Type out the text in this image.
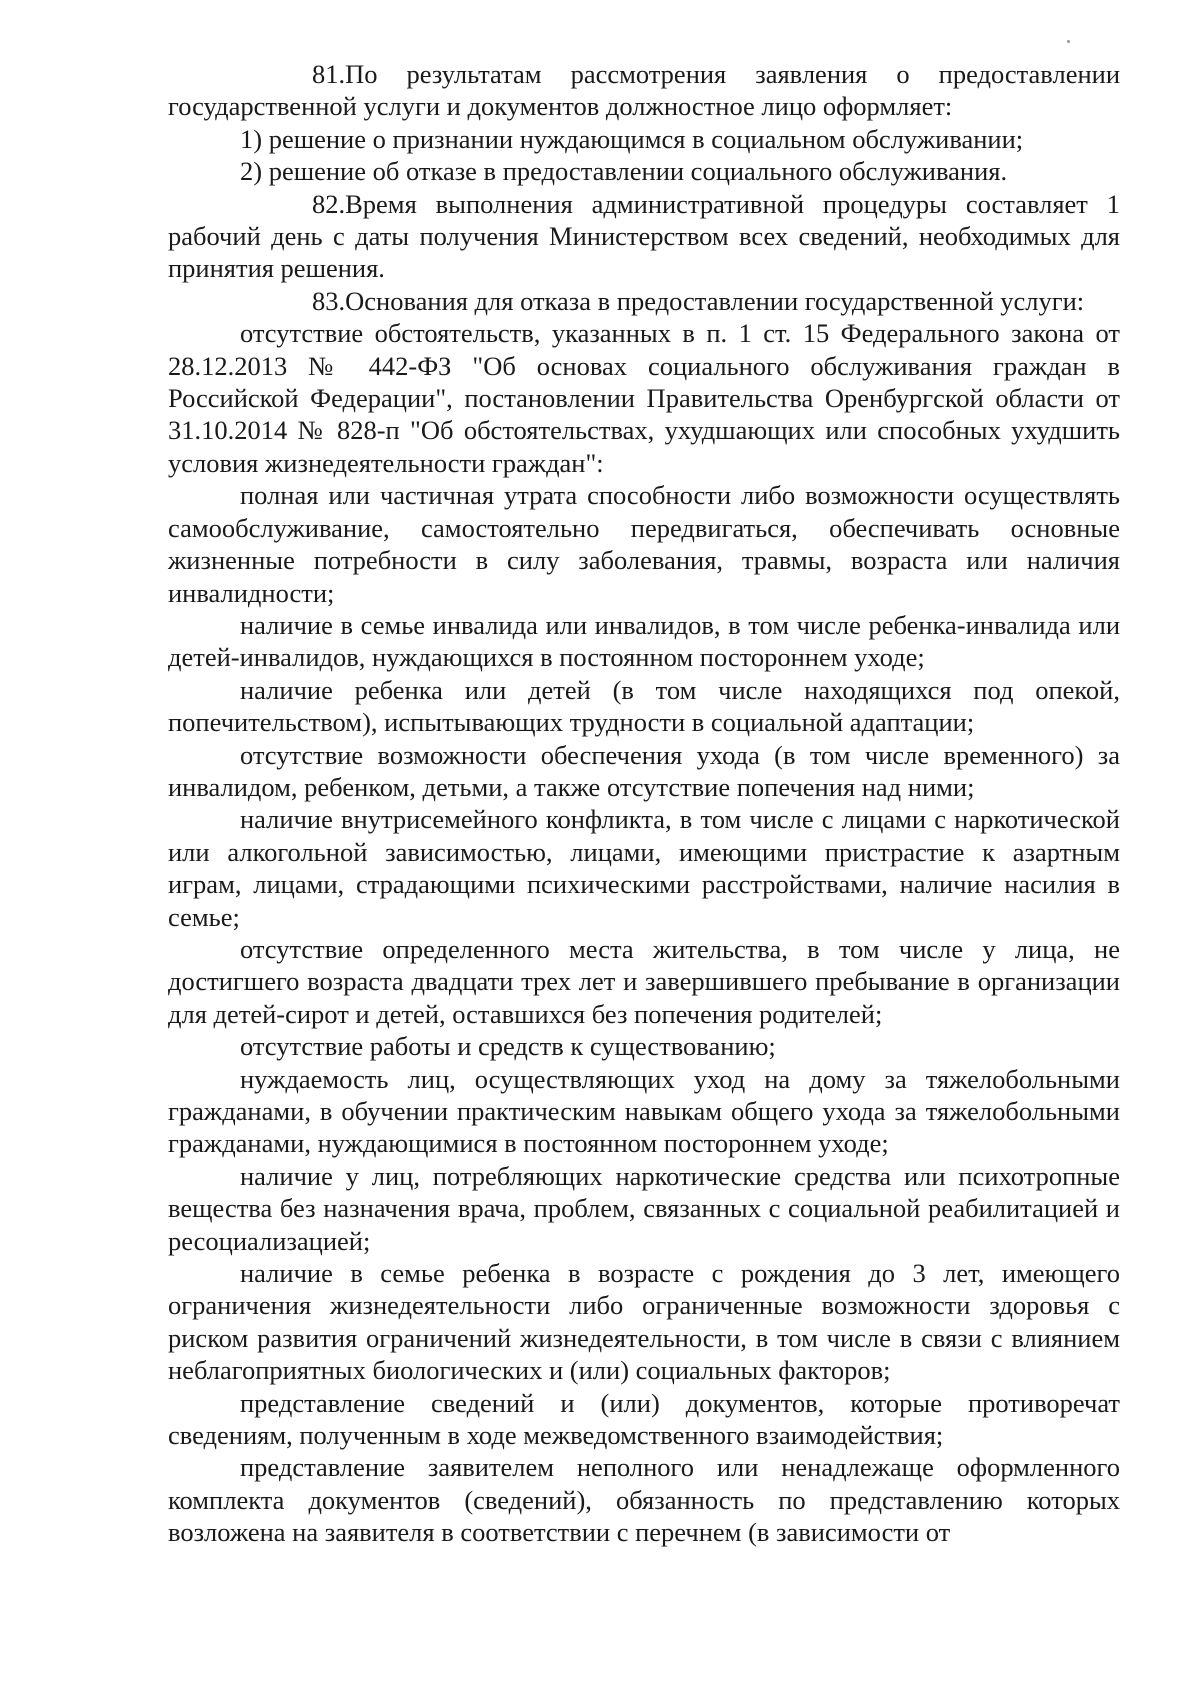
81.По результатам рассмотрения заявления о предоставлении государственной услуги и документов должностное лицо оформляет:

1) решение о признании нуждающимся в социальном обслуживании;

2) решение об отказе в предоставлении социального обслуживания.

82.Время выполнения административной процедуры составляет 1 рабочий день с даты получения Министерством всех сведений, необходимых для принятия решения.

83.Основания для отказа в предоставлении государственной услуги:

отсутствие обстоятельств, указанных в п. 1 ст. 15 Федерального закона от 28.12.2013 № 442-ФЗ "Об основах социального обслуживания граждан в Российской Федерации", постановлении Правительства Оренбургской области от 31.10.2014 № 828-п "Об обстоятельствах, ухудшающих или способных ухудшить условия жизнедеятельности граждан":

полная или частичная утрата способности либо возможности осуществлять самообслуживание, самостоятельно передвигаться, обеспечивать основные жизненные потребности в силу заболевания, травмы, возраста или наличия инвалидности;

наличие в семье инвалида или инвалидов, в том числе ребенка-инвалида или детей-инвалидов, нуждающихся в постоянном постороннем уходе;

наличие ребенка или детей (в том числе находящихся под опекой, попечительством), испытывающих трудности в социальной адаптации;

отсутствие возможности обеспечения ухода (в том числе временного) за инвалидом, ребенком, детьми, а также отсутствие попечения над ними;

наличие внутрисемейного конфликта, в том числе с лицами с наркотической или алкогольной зависимостью, лицами, имеющими пристрастие к азартным играм, лицами, страдающими психическими расстройствами, наличие насилия в семье;

отсутствие определенного места жительства, в том числе у лица, не достигшего возраста двадцати трех лет и завершившего пребывание в организации для детей-сирот и детей, оставшихся без попечения родителей;

отсутствие работы и средств к существованию;

нуждаемость лиц, осуществляющих уход на дому за тяжелобольными гражданами, в обучении практическим навыкам общего ухода за тяжелобольными гражданами, нуждающимися в постоянном постороннем уходе;

наличие у лиц, потребляющих наркотические средства или психотропные вещества без назначения врача, проблем, связанных с социальной реабилитацией и ресоциализацией;

наличие в семье ребенка в возрасте с рождения до 3 лет, имеющего ограничения жизнедеятельности либо ограниченные возможности здоровья с риском развития ограничений жизнедеятельности, в том числе в связи с влиянием неблагоприятных биологических и (или) социальных факторов;

представление сведений и (или) документов, которые противоречат сведениям, полученным в ходе межведомственного взаимодействия;

представление заявителем неполного или ненадлежаще оформленного комплекта документов (сведений), обязанность по представлению которых возложена на заявителя в соответствии с перечнем (в зависимости от
